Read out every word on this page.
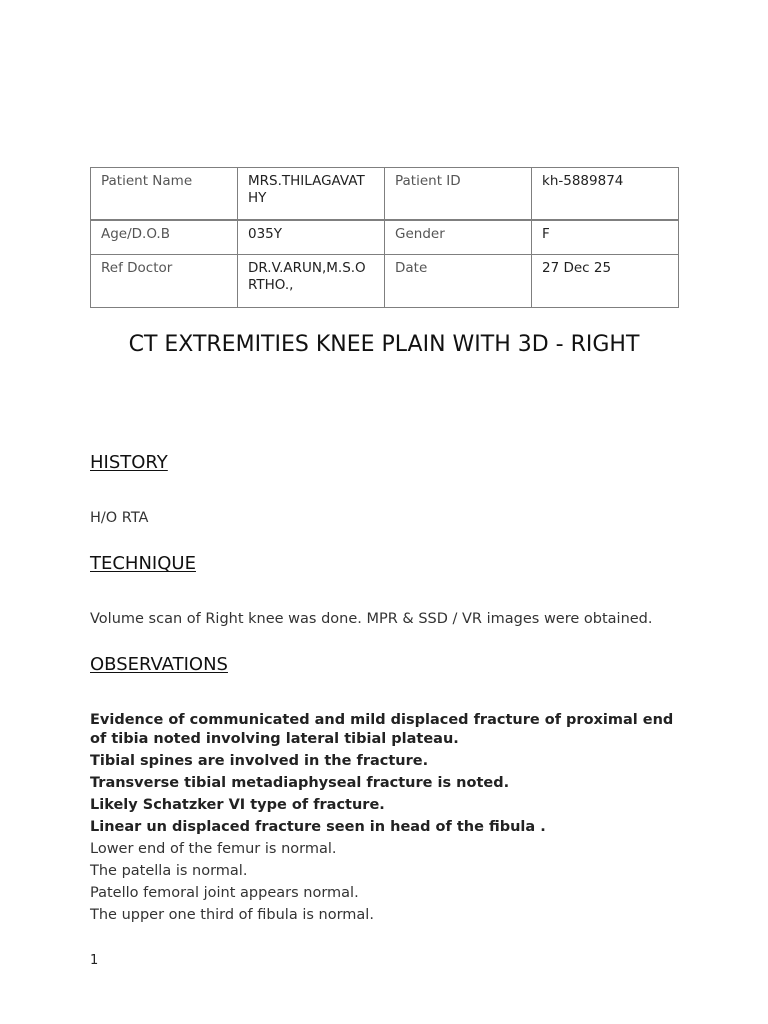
Patient Name	MRS.THILAGAVATHY	Patient ID	kh-5889874
Age/D.O.B	035Y	Gender	F
Ref Doctor	DR.V.ARUN,M.S.ORTHO.,	Date	27 Dec 25
CT EXTREMITIES KNEE PLAIN WITH 3D - RIGHT
HISTORY

H/O RTA

TECHNIQUE

Volume scan of Right knee was done. MPR & SSD / VR images were obtained.

OBSERVATIONS
Evidence of communicated and mild displaced fracture of proximal end of tibia noted involving lateral tibial plateau.
Tibial spines are involved in the fracture.
Transverse tibial metadiaphyseal fracture is noted.
Likely Schatzker VI type of fracture.
Linear un displaced fracture seen in head of the fibula .
Lower end of the femur is normal.
The patella is normal.
Patello femoral joint appears normal.
The upper one third of fibula is normal.

1
